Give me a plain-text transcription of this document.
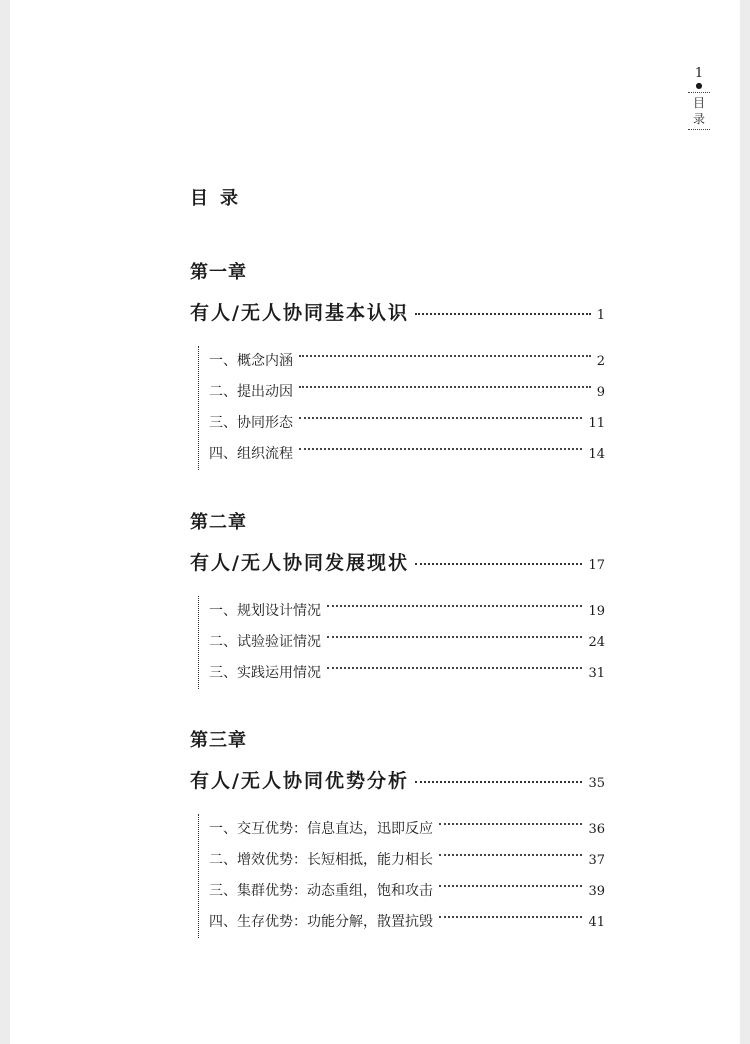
1
●
目
录
目录
第一章
有人/无人协同基本认识	1
一、概念内涵	2
二、提出动因	9
三、协同形态	11
四、组织流程	14
第二章
有人/无人协同发展现状	17
一、规划设计情况	19
二、试验验证情况	24
三、实践运用情况	31
第三章
有人/无人协同优势分析	35
一、交互优势：信息直达，迅即反应	36
二、增效优势：长短相抵，能力相长	37
三、集群优势：动态重组，饱和攻击	39
四、生存优势：功能分解，散置抗毁	41
